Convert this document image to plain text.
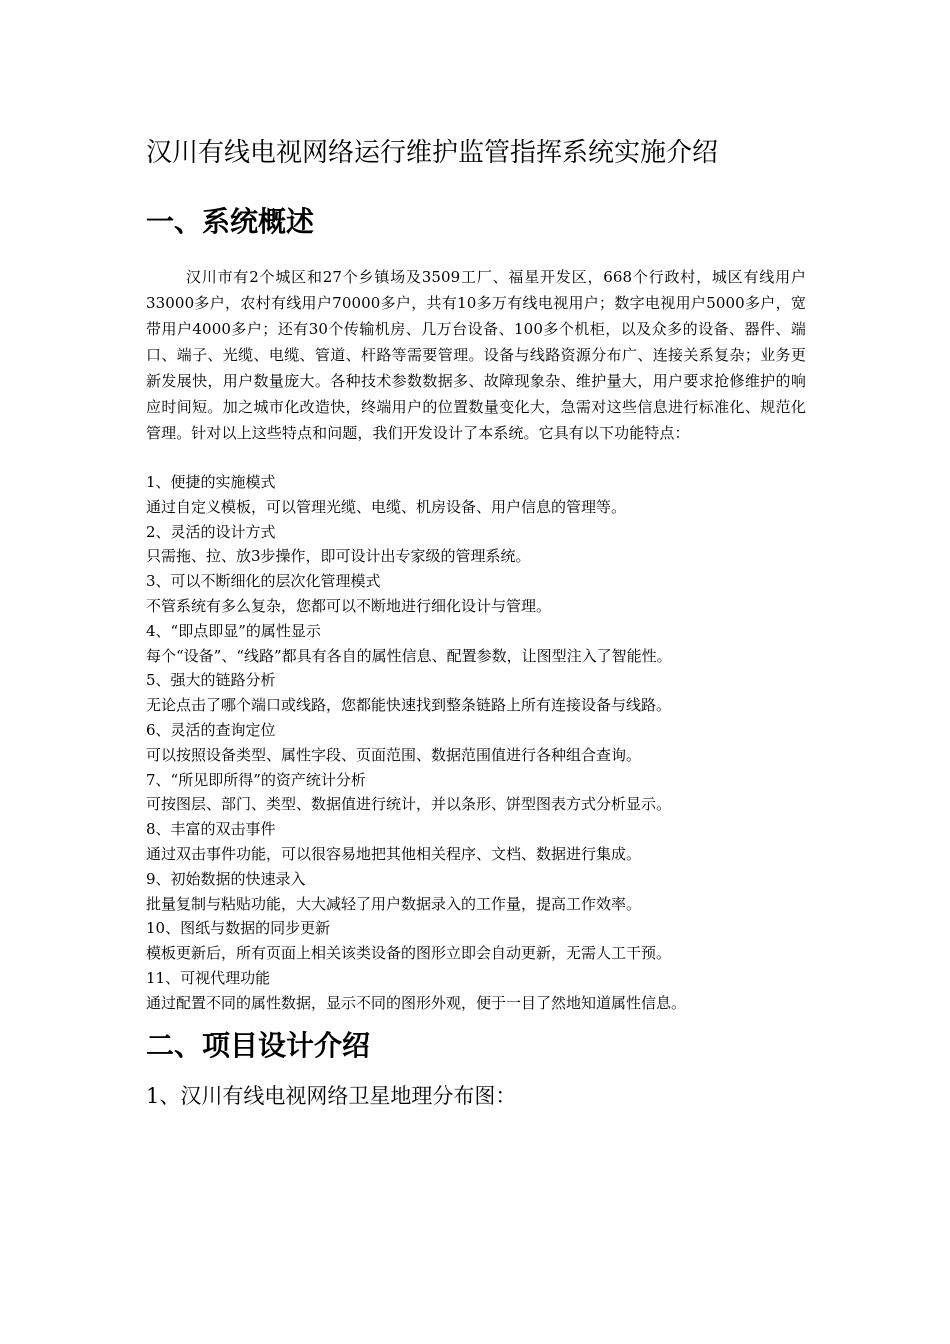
汉川有线电视网络运行维护监管指挥系统实施介绍
一、系统概述

汉川市有2个城区和27个乡镇场及3509工厂、福星开发区，668个行政村，城区有线用户33000多户，农村有线用户70000多户，共有10多万有线电视用户；数字电视用户5000多户，宽带用户4000多户；还有30个传输机房、几万台设备、100多个机柜，以及众多的设备、器件、端口、端子、光缆、电缆、管道、杆路等需要管理。设备与线路资源分布广、连接关系复杂；业务更新发展快，用户数量庞大。各种技术参数数据多、故障现象杂、维护量大，用户要求抢修维护的响应时间短。加之城市化改造快，终端用户的位置数量变化大，急需对这些信息进行标准化、规范化管理。针对以上这些特点和问题，我们开发设计了本系统。它具有以下功能特点：

1、便捷的实施模式
通过自定义模板，可以管理光缆、电缆、机房设备、用户信息的管理等。
2、灵活的设计方式
只需拖、拉、放3步操作，即可设计出专家级的管理系统。
3、可以不断细化的层次化管理模式
不管系统有多么复杂，您都可以不断地进行细化设计与管理。
4、“即点即显”的属性显示
每个“设备”、“线路”都具有各自的属性信息、配置参数，让图型注入了智能性。
5、强大的链路分析
无论点击了哪个端口或线路，您都能快速找到整条链路上所有连接设备与线路。
6、灵活的查询定位
可以按照设备类型、属性字段、页面范围、数据范围值进行各种组合查询。
7、“所见即所得”的资产统计分析
可按图层、部门、类型、数据值进行统计，并以条形、饼型图表方式分析显示。
8、丰富的双击事件
通过双击事件功能，可以很容易地把其他相关程序、文档、数据进行集成。
9、初始数据的快速录入
批量复制与粘贴功能，大大减轻了用户数据录入的工作量，提高工作效率。
10、图纸与数据的同步更新
模板更新后，所有页面上相关该类设备的图形立即会自动更新，无需人工干预。
11、可视代理功能
通过配置不同的属性数据，显示不同的图形外观，便于一目了然地知道属性信息。
二、项目设计介绍
1、汉川有线电视网络卫星地理分布图：
